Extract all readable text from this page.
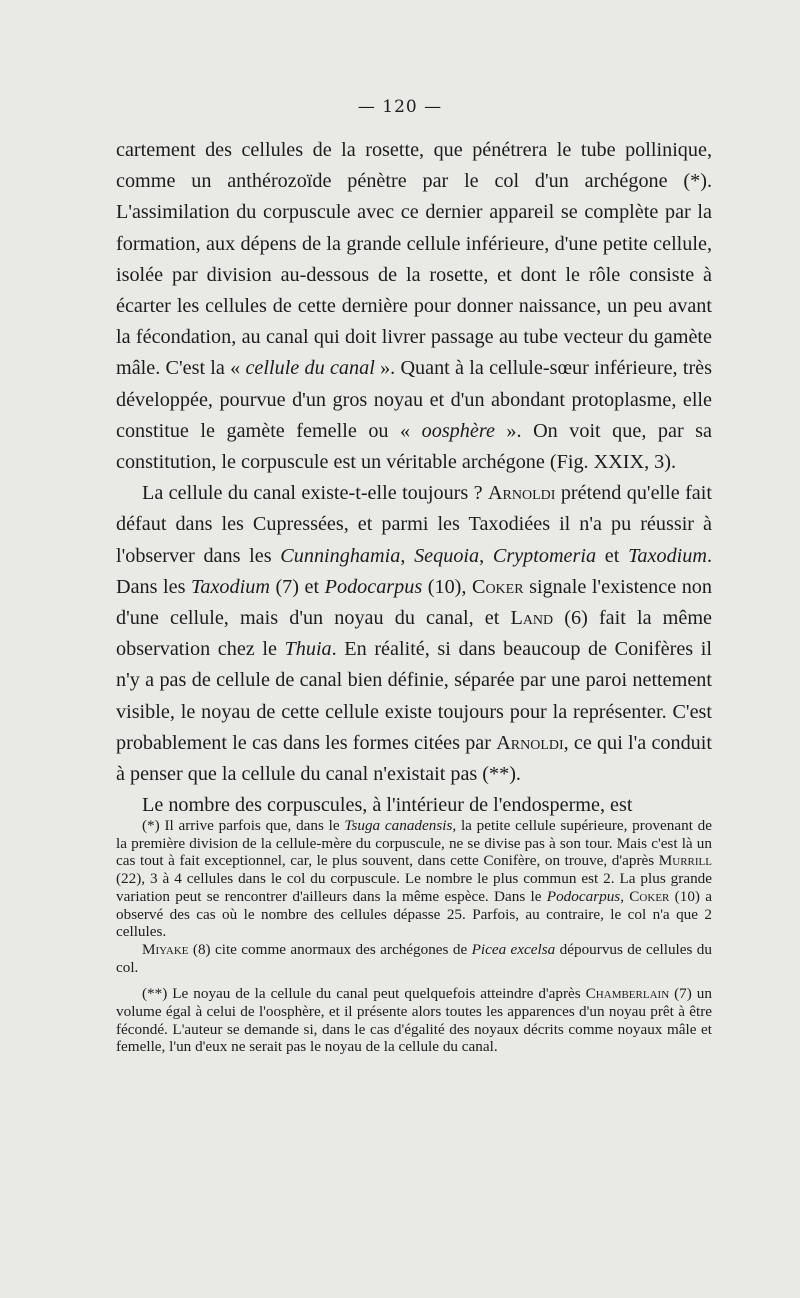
— 120 —

cartement des cellules de la rosette, que pénétrera le tube pollinique, comme un anthérozoïde pénètre par le col d'un archégone (*). L'assimilation du corpuscule avec ce dernier appareil se complète par la formation, aux dépens de la grande cellule inférieure, d'une petite cellule, isolée par division au-dessous de la rosette, et dont le rôle consiste à écarter les cellules de cette dernière pour donner naissance, un peu avant la fécondation, au canal qui doit livrer passage au tube vecteur du gamète mâle. C'est la « cellule du canal ». Quant à la cellule-sœur inférieure, très développée, pourvue d'un gros noyau et d'un abondant protoplasme, elle constitue le gamète femelle ou « oosphère ». On voit que, par sa constitution, le corpuscule est un véritable archégone (Fig. XXIX, 3).

La cellule du canal existe-t-elle toujours ? Arnoldi prétend qu'elle fait défaut dans les Cupressées, et parmi les Taxodiées il n'a pu réussir à l'observer dans les Cunninghamia, Sequoia, Cryptomeria et Taxodium. Dans les Taxodium (7) et Podocarpus (10), Coker signale l'existence non d'une cellule, mais d'un noyau du canal, et Land (6) fait la même observation chez le Thuia. En réalité, si dans beaucoup de Conifères il n'y a pas de cellule de canal bien définie, séparée par une paroi nettement visible, le noyau de cette cellule existe toujours pour la représenter. C'est probablement le cas dans les formes citées par Arnoldi, ce qui l'a conduit à penser que la cellule du canal n'existait pas (**).

Le nombre des corpuscules, à l'intérieur de l'endosperme, est

(*) Il arrive parfois que, dans le Tsuga canadensis, la petite cellule supérieure, provenant de la première division de la cellule-mère du corpuscule, ne se divise pas à son tour. Mais c'est là un cas tout à fait exceptionnel, car, le plus souvent, dans cette Conifère, on trouve, d'après Murrill (22), 3 à 4 cellules dans le col du corpuscule. Le nombre le plus commun est 2. La plus grande variation peut se rencontrer d'ailleurs dans la même espèce. Dans le Podocarpus, Coker (10) a observé des cas où le nombre des cellules dépasse 25. Parfois, au contraire, le col n'a que 2 cellules.

Miyake (8) cite comme anormaux des archégones de Picea excelsa dépourvus de cellules du col.

(**) Le noyau de la cellule du canal peut quelquefois atteindre d'après Chamberlain (7) un volume égal à celui de l'oosphère, et il présente alors toutes les apparences d'un noyau prêt à être fécondé. L'auteur se demande si, dans le cas d'égalité des noyaux décrits comme noyaux mâle et femelle, l'un d'eux ne serait pas le noyau de la cellule du canal.
